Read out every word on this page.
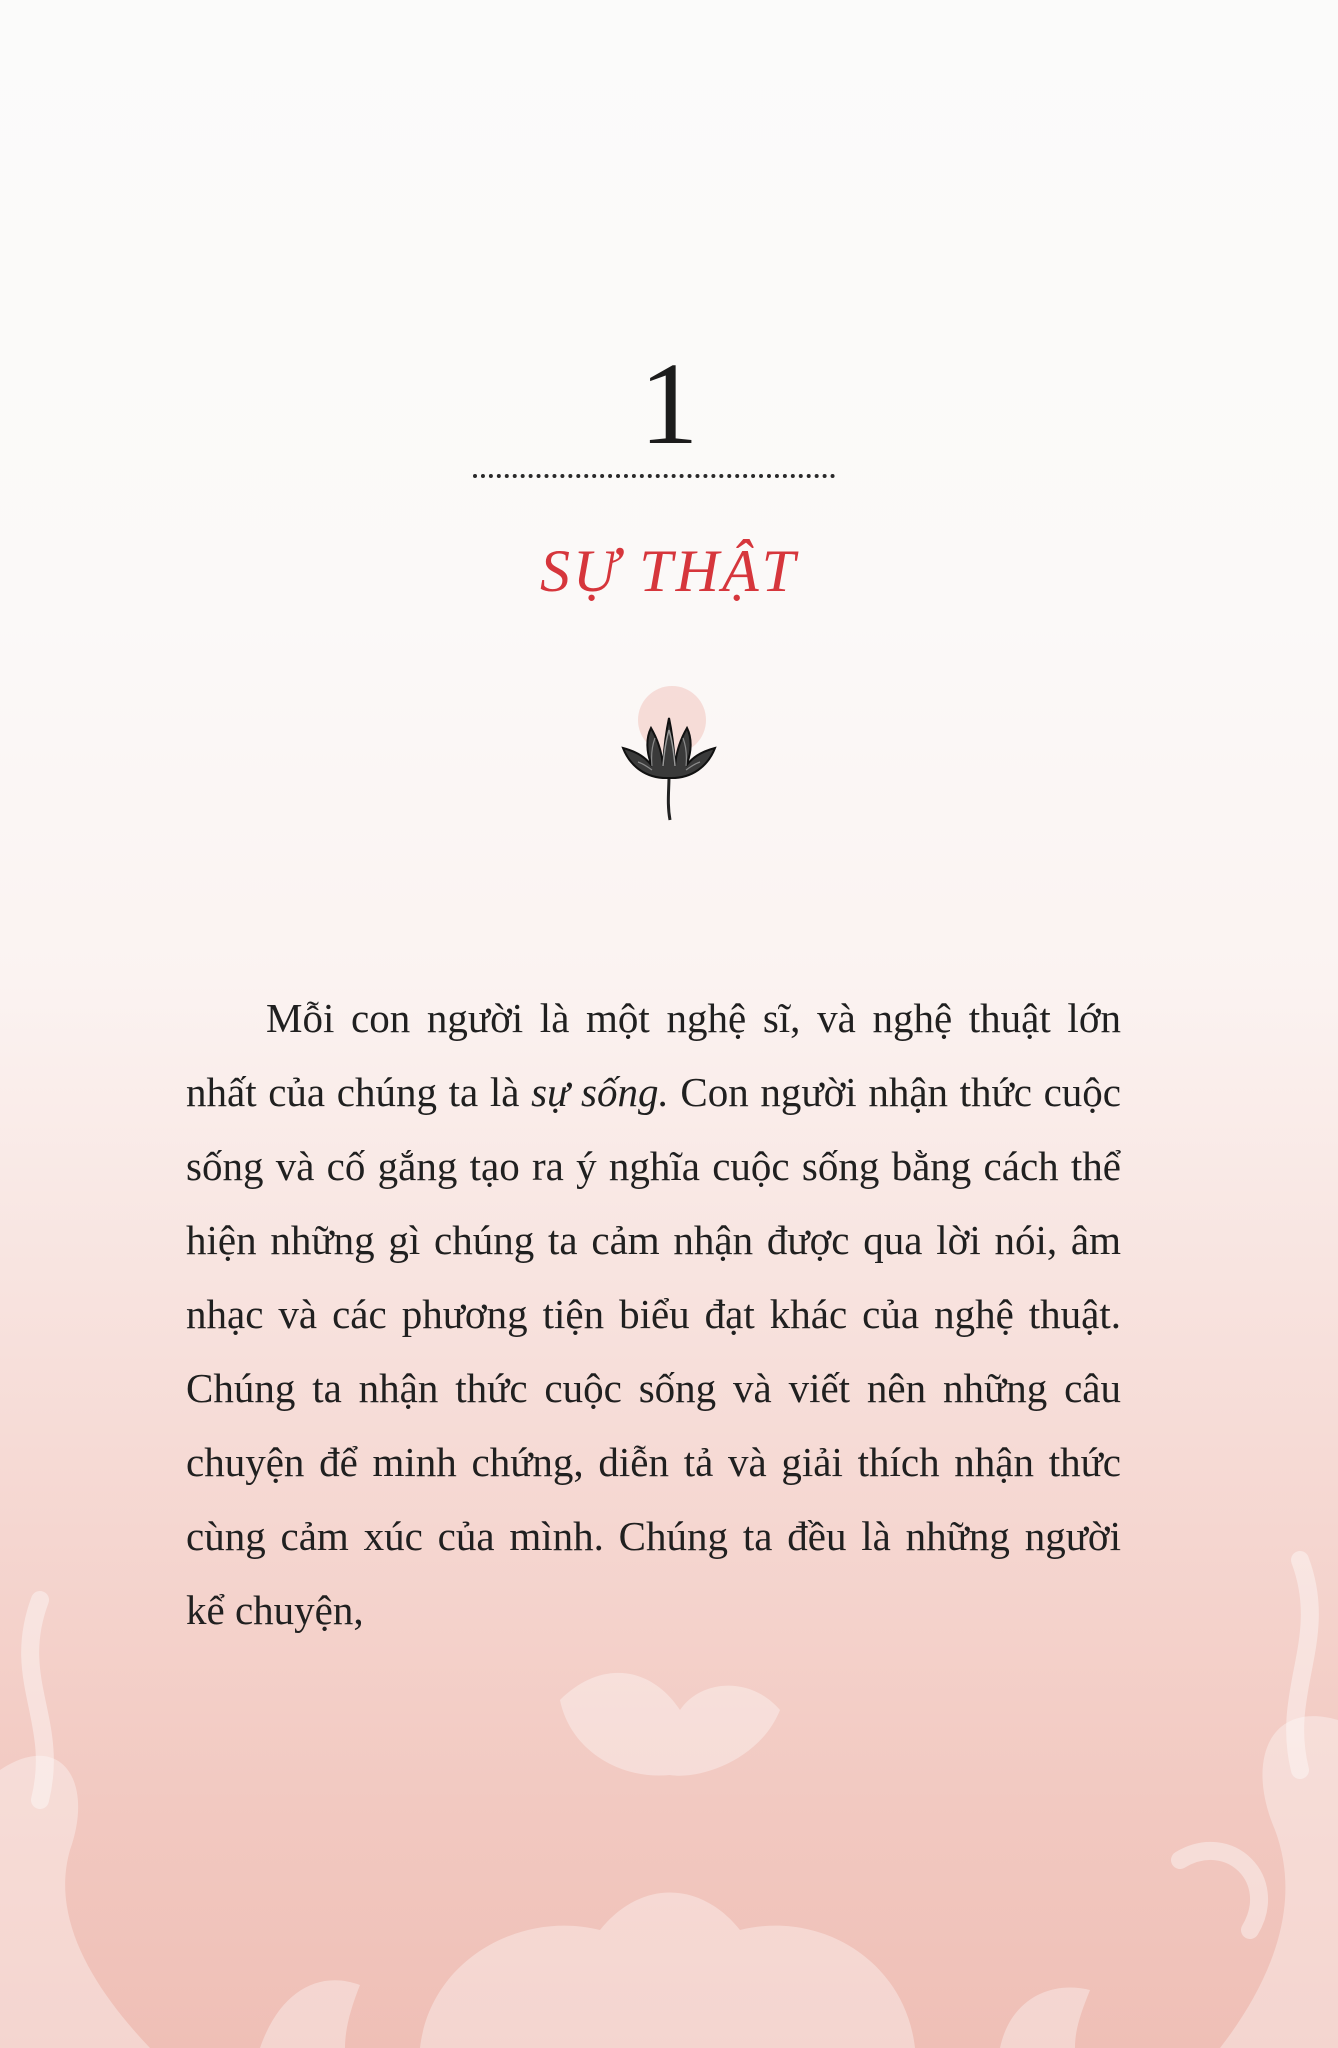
1
SỰ THẬT

Mỗi con người là một nghệ sĩ, và nghệ thuật lớn nhất của chúng ta là sự sống. Con người nhận thức cuộc sống và cố gắng tạo ra ý nghĩa cuộc sống bằng cách thể hiện những gì chúng ta cảm nhận được qua lời nói, âm nhạc và các phương tiện biểu đạt khác của nghệ thuật. Chúng ta nhận thức cuộc sống và viết nên những câu chuyện để minh chứng, diễn tả và giải thích nhận thức cùng cảm xúc của mình. Chúng ta đều là những người kể chuyện,
